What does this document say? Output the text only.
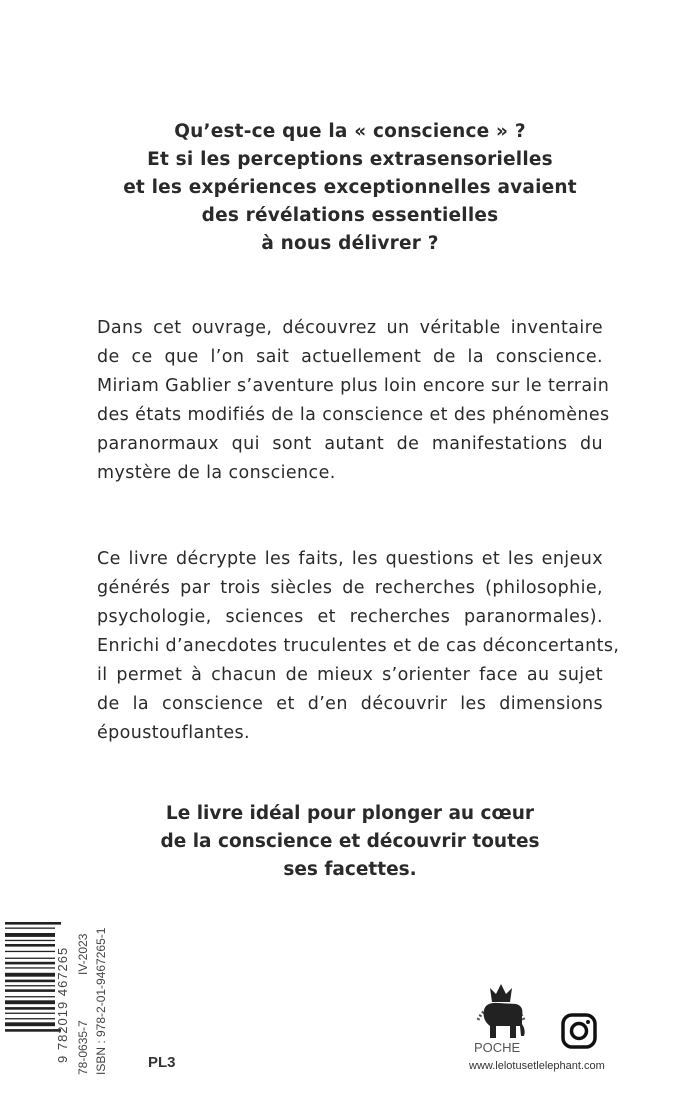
Qu’est-ce que la « conscience » ?
Et si les perceptions extrasensorielles
et les expériences exceptionnelles avaient
des révélations essentielles
à nous délivrer ?
Dans cet ouvrage, découvrez un véritable inventaire
de ce que l’on sait actuellement de la conscience.
Miriam Gablier s’aventure plus loin encore sur le terrain
des états modifiés de la conscience et des phénomènes
paranormaux qui sont autant de manifestations du
mystère de la conscience.
Ce livre décrypte les faits, les questions et les enjeux
générés par trois siècles de recherches (philosophie,
psychologie, sciences et recherches paranormales).
Enrichi d’anecdotes truculentes et de cas déconcertants,
il permet à chacun de mieux s’orienter face au sujet
de la conscience et d’en découvrir les dimensions
époustouflantes.
Le livre idéal pour plonger au cœur
de la conscience et découvrir toutes
ses facettes.
9 782019 467265 78-0635-7
IV-2023 ISBN : 978-2-01-9467265-1	PL3
POCHE
www.lelotusetlelephant.com
